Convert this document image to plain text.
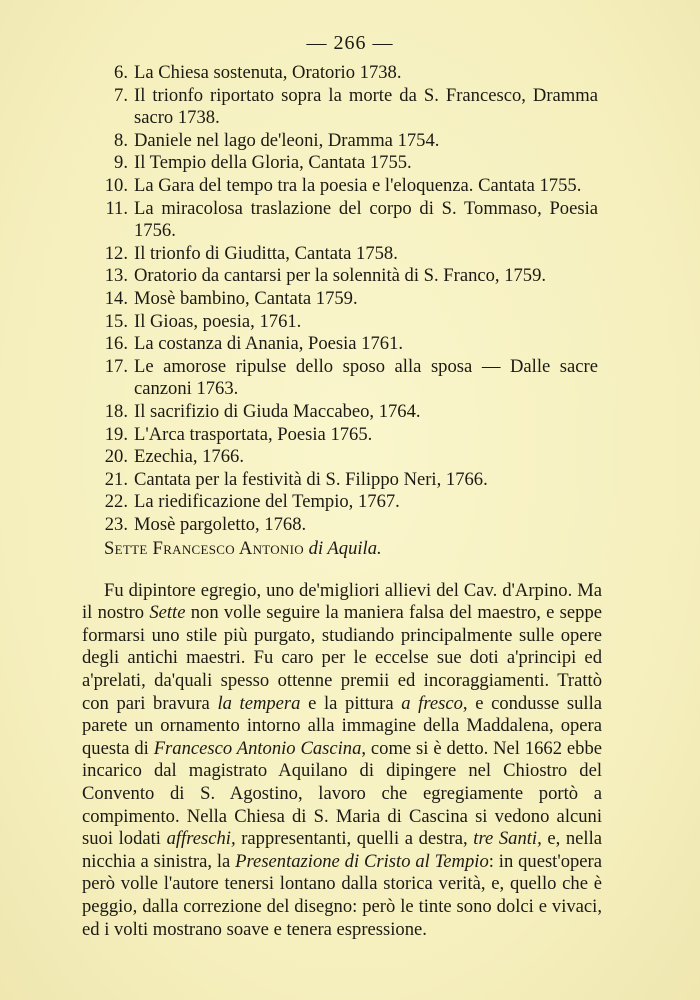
— 266 —
6. La Chiesa sostenuta, Oratorio 1738.
7. Il trionfo riportato sopra la morte da S. Francesco, Dramma sacro 1738.
8. Daniele nel lago de'leoni, Dramma 1754.
9. Il Tempio della Gloria, Cantata 1755.
10. La Gara del tempo tra la poesia e l'eloquenza. Cantata 1755.
11. La miracolosa traslazione del corpo di S. Tommaso, Poesia 1756.
12. Il trionfo di Giuditta, Cantata 1758.
13. Oratorio da cantarsi per la solennità di S. Franco, 1759.
14. Mosè bambino, Cantata 1759.
15. Il Gioas, poesia, 1761.
16. La costanza di Anania, Poesia 1761.
17. Le amorose ripulse dello sposo alla sposa — Dalle sacre canzoni 1763.
18. Il sacrifizio di Giuda Maccabeo, 1764.
19. L'Arca trasportata, Poesia 1765.
20. Ezechia, 1766.
21. Cantata per la festività di S. Filippo Neri, 1766.
22. La riedificazione del Tempio, 1767.
23. Mosè pargoletto, 1768.
Sette Francesco Antonio di Aquila.

Fu dipintore egregio, uno de'migliori allievi del Cav. d'Arpino. Ma il nostro Sette non volle seguire la maniera falsa del maestro, e seppe formarsi uno stile più purgato, studiando principalmente sulle opere degli antichi maestri. Fu caro per le eccelse sue doti a'principi ed a'prelati, da'quali spesso ottenne premii ed incoraggiamenti. Trattò con pari bravura la tempera e la pittura a fresco, e condusse sulla parete un ornamento intorno alla immagine della Maddalena, opera questa di Francesco Antonio Cascina, come si è detto. Nel 1662 ebbe incarico dal magistrato Aquilano di dipingere nel Chiostro del Convento di S. Agostino, lavoro che egregiamente portò a compimento. Nella Chiesa di S. Maria di Cascina si vedono alcuni suoi lodati affreschi, rappresentanti, quelli a destra, tre Santi, e, nella nicchia a sinistra, la Presentazione di Cristo al Tempio: in quest'opera però volle l'autore tenersi lontano dalla storica verità, e, quello che è peggio, dalla correzione del disegno: però le tinte sono dolci e vivaci, ed i volti mostrano soave e tenera espressione.
